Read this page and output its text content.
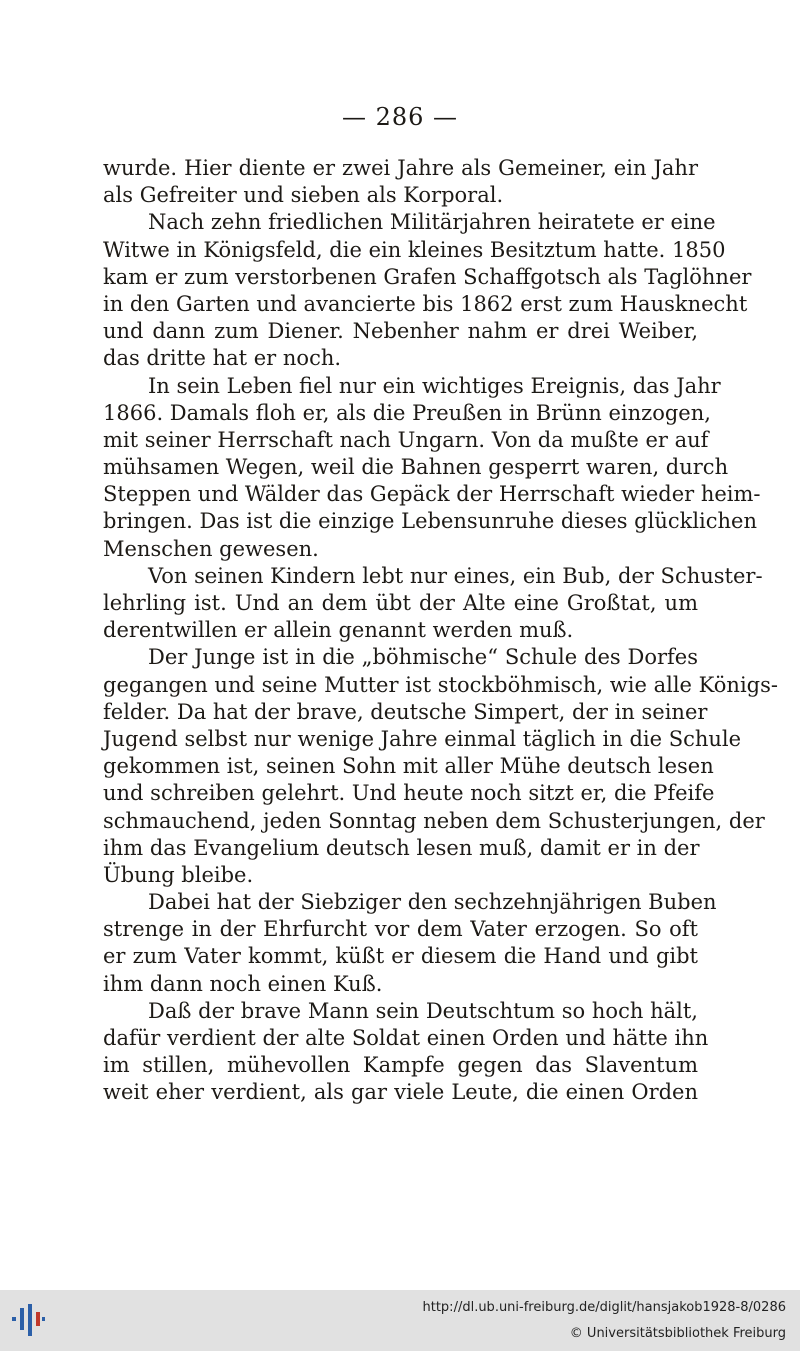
— 286 —
wurde. Hier diente er zwei Jahre als Gemeiner, ein Jahr
als Gefreiter und sieben als Korporal.
Nach zehn friedlichen Militärjahren heiratete er eine
Witwe in Königsfeld, die ein kleines Besitztum hatte. 1850
kam er zum verstorbenen Grafen Schaffgotsch als Taglöhner
in den Garten und avancierte bis 1862 erst zum Hausknecht
und dann zum Diener. Nebenher nahm er drei Weiber,
das dritte hat er noch.
In sein Leben fiel nur ein wichtiges Ereignis, das Jahr
1866. Damals floh er, als die Preußen in Brünn einzogen,
mit seiner Herrschaft nach Ungarn. Von da mußte er auf
mühsamen Wegen, weil die Bahnen gesperrt waren, durch
Steppen und Wälder das Gepäck der Herrschaft wieder heim-
bringen. Das ist die einzige Lebensunruhe dieses glücklichen
Menschen gewesen.
Von seinen Kindern lebt nur eines, ein Bub, der Schuster-
lehrling ist. Und an dem übt der Alte eine Großtat, um
derentwillen er allein genannt werden muß.
Der Junge ist in die „böhmische“ Schule des Dorfes
gegangen und seine Mutter ist stockböhmisch, wie alle Königs-
felder. Da hat der brave, deutsche Simpert, der in seiner
Jugend selbst nur wenige Jahre einmal täglich in die Schule
gekommen ist, seinen Sohn mit aller Mühe deutsch lesen
und schreiben gelehrt. Und heute noch sitzt er, die Pfeife
schmauchend, jeden Sonntag neben dem Schusterjungen, der
ihm das Evangelium deutsch lesen muß, damit er in der
Übung bleibe.
Dabei hat der Siebziger den sechzehnjährigen Buben
strenge in der Ehrfurcht vor dem Vater erzogen. So oft
er zum Vater kommt, küßt er diesem die Hand und gibt
ihm dann noch einen Kuß.
Daß der brave Mann sein Deutschtum so hoch hält,
dafür verdient der alte Soldat einen Orden und hätte ihn
im stillen, mühevollen Kampfe gegen das Slaventum
weit eher verdient, als gar viele Leute, die einen Orden
http://dl.ub.uni-freiburg.de/diglit/hansjakob1928-8/0286
© Universitätsbibliothek Freiburg
